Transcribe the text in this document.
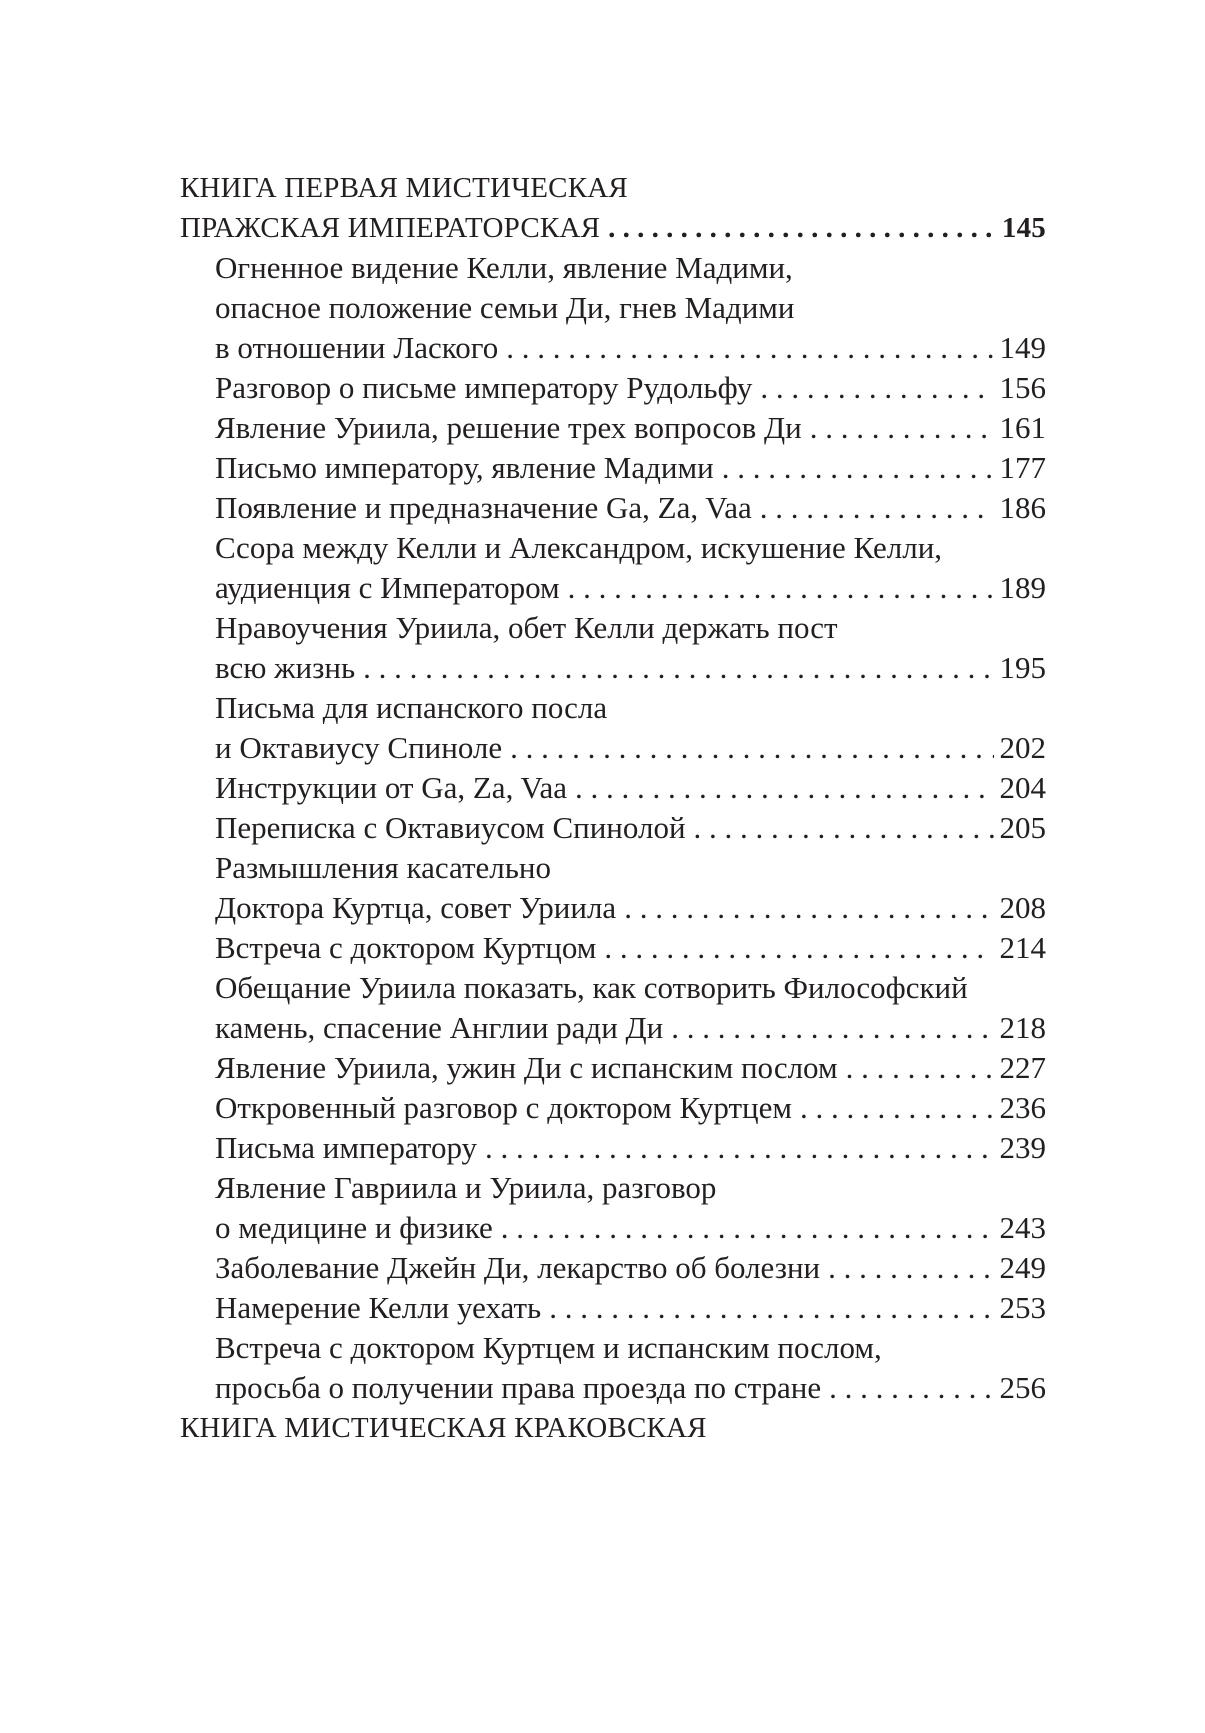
КНИГА ПЕРВАЯ МИСТИЧЕСКАЯ
ПРАЖСКАЯ ИМПЕРАТОРСКАЯ . . .	145
Огненное видение Келли, явление Мадими,
опасное положение семьи Ди, гнев Мадими
в отношении Лаского . . .	149
Разговор о письме императору Рудольфу . . .	156
Явление Уриила, решение трех вопросов Ди . . .	161
Письмо императору, явление Мадими . . .	177
Появление и предназначение Ga, Za, Vaa . . .	186
Ссора между Келли и Александром, искушение Келли,
аудиенция с Императором . . .	189
Нравоучения Уриила, обет Келли держать пост
всю жизнь . . .	195
Письма для испанского посла
и Октавиусу Спиноле . . .	202
Инструкции от Ga, Za, Vaa . . .	204
Переписка с Октавиусом Спинолой . . .	205
Размышления касательно
Доктора Куртца, совет Уриила . . .	208
Встреча с доктором Куртцом . . .	214
Обещание Уриила показать, как сотворить Философский
камень, спасение Англии ради Ди . . .	218
Явление Уриила, ужин Ди с испанским послом . . .	227
Откровенный разговор с доктором Куртцем . . .	236
Письма императору . . .	239
Явление Гавриила и Уриила, разговор
о медицине и физике . . .	243
Заболевание Джейн Ди, лекарство об болезни . . .	249
Намерение Келли уехать . . .	253
Встреча с доктором Куртцем и испанским послом,
просьба о получении права проезда по стране . . .	256
КНИГА МИСТИЧЕСКАЯ КРАКОВСКАЯ
